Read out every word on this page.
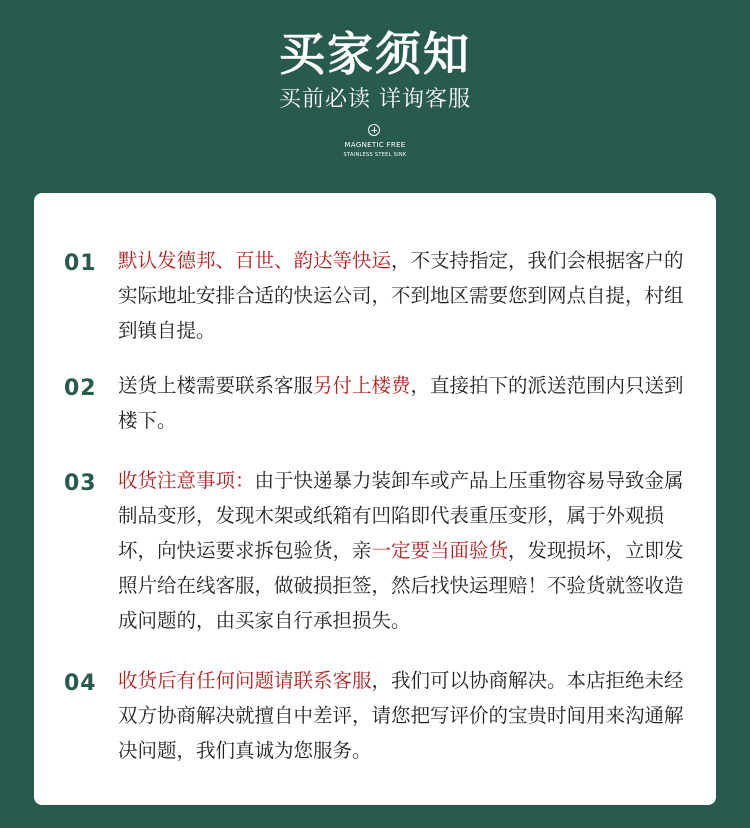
买家须知
买前必读 详询客服
MAGNETIC FREE
STAINLESS STEEL SINK
01 默认发德邦、百世、韵达等快运，不支持指定，我们会根据客户的实际地址安排合适的快运公司，不到地区需要您到网点自提，村组到镇自提。
02 送货上楼需要联系客服另付上楼费，直接拍下的派送范围内只送到楼下。
03 收货注意事项：由于快递暴力装卸车或产品上压重物容易导致金属制品变形，发现木架或纸箱有凹陷即代表重压变形，属于外观损坏，向快运要求拆包验货，亲一定要当面验货，发现损坏，立即发照片给在线客服，做破损拒签，然后找快运理赔！不验货就签收造成问题的，由买家自行承担损失。
04 收货后有任何问题请联系客服，我们可以协商解决。本店拒绝未经双方协商解决就擅自中差评，请您把写评价的宝贵时间用来沟通解决问题，我们真诚为您服务。
